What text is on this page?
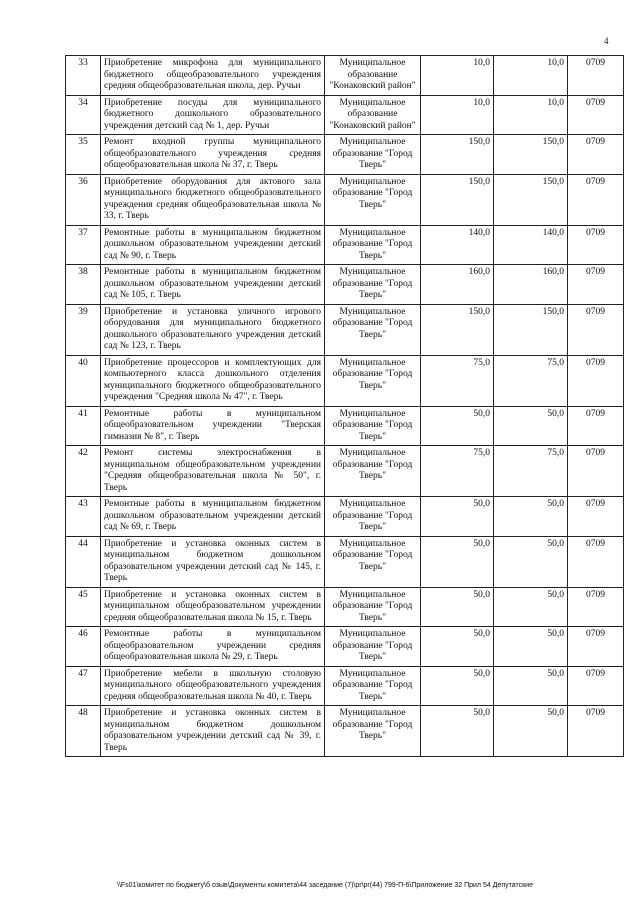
4
33	Приобретение микрофона для муниципального бюджетного общеобразовательного учреждения средняя общеобразовательная школа, дер. Ручьи	Муниципальное образование "Конаковский район"	10,0	10,0	0709
34	Приобретение посуды для муниципального бюджетного дошкольного образовательного учреждения детский сад № 1, дер. Ручьи	Муниципальное образование "Конаковский район"	10,0	10,0	0709
35	Ремонт входной группы муниципального общеобразовательного учреждения средняя общеобразовательная школа № 37, г. Тверь	Муниципальное образование "Город Тверь"	150,0	150,0	0709
36	Приобретение оборудования для актового зала муниципального бюджетного общеобразовательного учреждения средняя общеобразовательная школа № 33, г. Тверь	Муниципальное образование "Город Тверь"	150,0	150,0	0709
37	Ремонтные работы в муниципальном бюджетном дошкольном образовательном учреждении детский сад № 90, г. Тверь	Муниципальное образование "Город Тверь"	140,0	140,0	0709
38	Ремонтные работы в муниципальном бюджетном дошкольном образовательном учреждении детский сад № 105, г. Тверь	Муниципальное образование "Город Тверь"	160,0	160,0	0709
39	Приобретение и установка уличного игрового оборудования для муниципального бюджетного дошкольного образовательного учреждения детский сад № 123, г. Тверь	Муниципальное образование "Город Тверь"	150,0	150,0	0709
40	Приобретение процессоров и комплектующих для компьютерного класса дошкольного отделения муниципального бюджетного общеобразовательного учреждения "Средняя школа № 47", г. Тверь	Муниципальное образование "Город Тверь"	75,0	75,0	0709
41	Ремонтные работы в муниципальном общеобразовательном учреждении "Тверская гимназия № 8", г. Тверь	Муниципальное образование "Город Тверь"	50,0	50,0	0709
42	Ремонт системы электроснабжения в муниципальном общеобразовательном учреждении "Средняя общеобразовательная школа № 50", г. Тверь	Муниципальное образование "Город Тверь"	75,0	75,0	0709
43	Ремонтные работы в муниципальном бюджетном дошкольном образовательном учреждении детский сад № 69, г. Тверь	Муниципальное образование "Город Тверь"	50,0	50,0	0709
44	Приобретение и установка оконных систем в муниципальном бюджетном дошкольном образовательном учреждении детский сад № 145, г. Тверь	Муниципальное образование "Город Тверь"	50,0	50,0	0709
45	Приобретение и установка оконных систем в муниципальном общеобразовательном учреждении средняя общеобразовательная школа № 15, г. Тверь	Муниципальное образование "Город Тверь"	50,0	50,0	0709
46	Ремонтные работы в муниципальном общеобразовательном учреждении средняя общеобразовательная школа № 29, г. Тверь	Муниципальное образование "Город Тверь"	50,0	50,0	0709
47	Приобретение мебели в школьную столовую муниципального общеобразовательного учреждения средняя общеобразовательная школа № 40, г. Тверь	Муниципальное образование "Город Тверь"	50,0	50,0	0709
48	Приобретение и установка оконных систем в муниципальном бюджетном дошкольном образовательном учреждении детский сад № 39, г. Тверь	Муниципальное образование "Город Тверь"	50,0	50,0	0709
\\Fs01\комитет по бюджету\б озыв\Документы комитета\44 заседание (7)\pr\pr(44) 799-П-6\Приложение 32 Прил 54 Депутатские
